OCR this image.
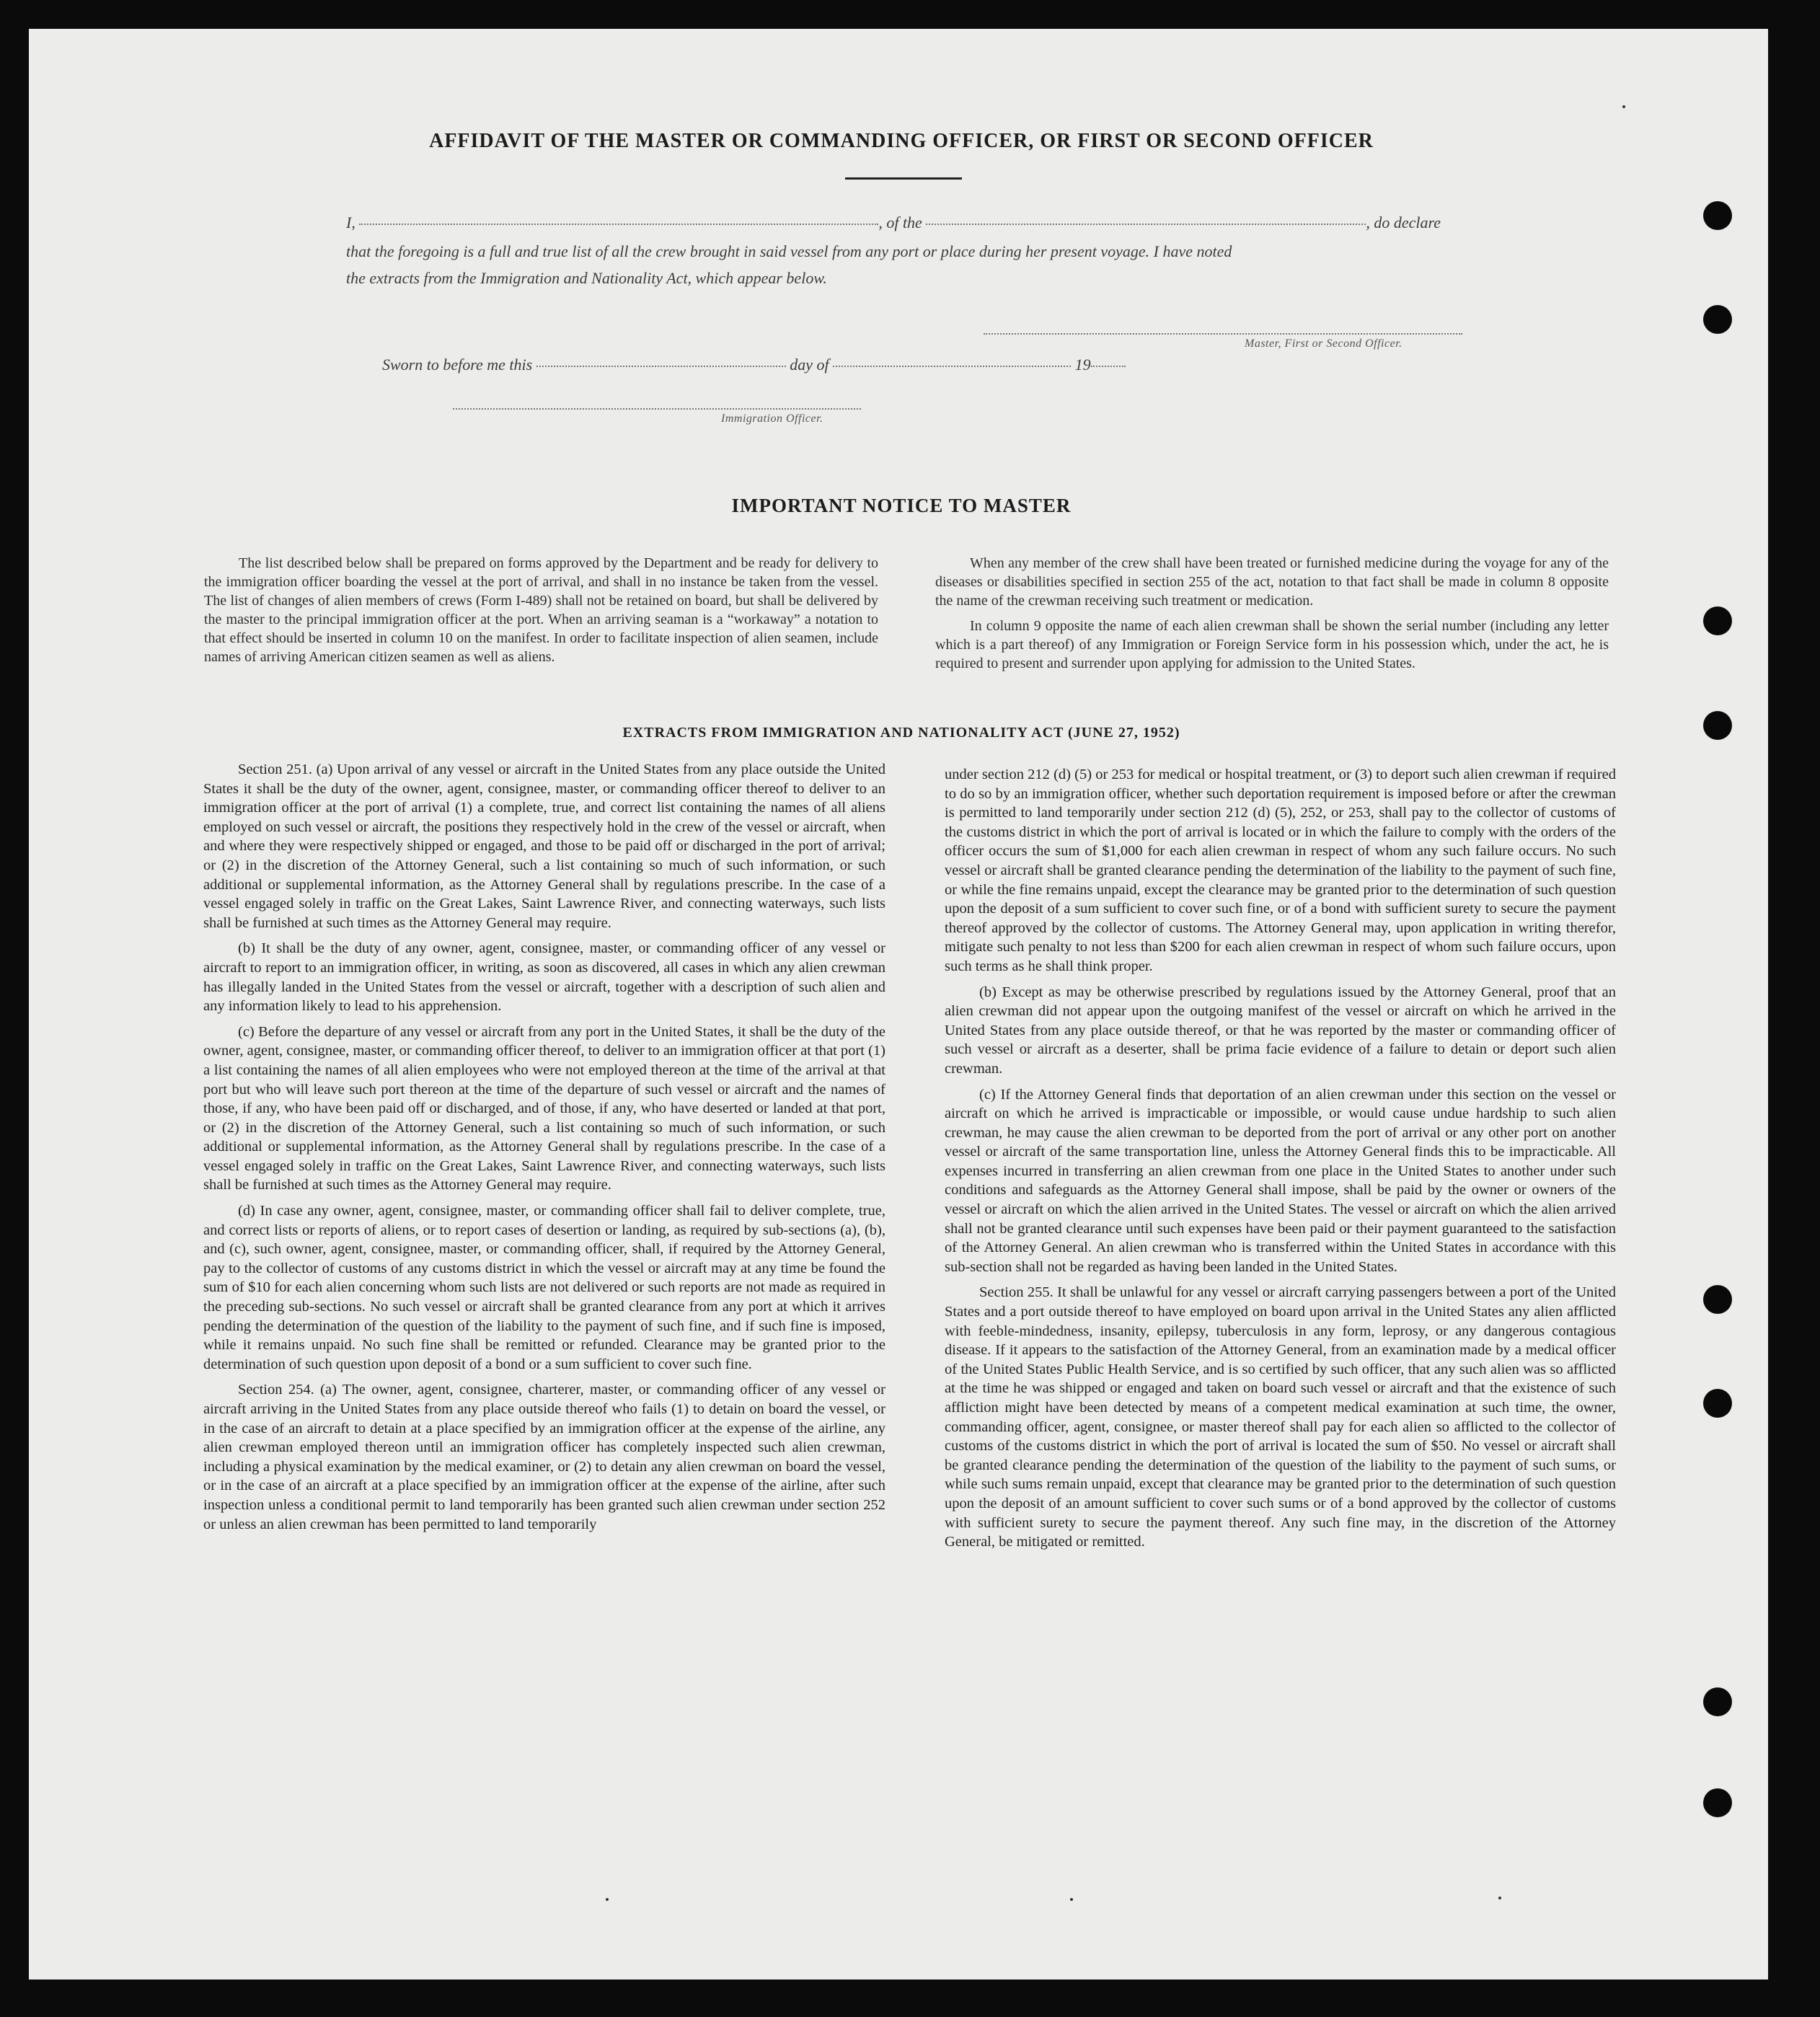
AFFIDAVIT OF THE MASTER OR COMMANDING OFFICER, OR FIRST OR SECOND OFFICER
I,	, of the	, do declare
that the foregoing is a full and true list of all the crew brought in said vessel from any port or place during her present voyage. I have noted
the extracts from the Immigration and Nationality Act, which appear below.
Master, First or Second Officer.
Sworn to before me this	day of	19
Immigration Officer.
IMPORTANT NOTICE TO MASTER

The list described below shall be prepared on forms approved by the Department and be ready for delivery to the immigration officer boarding the vessel at the port of arrival, and shall in no instance be taken from the vessel. The list of changes of alien members of crews (Form I-489) shall not be retained on board, but shall be delivered by the master to the principal immigration officer at the port. When an arriving seaman is a “workaway” a notation to that effect should be inserted in column 10 on the manifest. In order to facilitate inspection of alien seamen, include names of arriving American citizen seamen as well as aliens.

When any member of the crew shall have been treated or furnished medicine during the voyage for any of the diseases or disabilities specified in section 255 of the act, notation to that fact shall be made in column 8 opposite the name of the crewman receiving such treatment or medication.

In column 9 opposite the name of each alien crewman shall be shown the serial number (including any letter which is a part thereof) of any Immigration or Foreign Service form in his possession which, under the act, he is required to present and surrender upon applying for admission to the United States.

EXTRACTS FROM IMMIGRATION AND NATIONALITY ACT (JUNE 27, 1952)

Section 251. (a) Upon arrival of any vessel or aircraft in the United States from any place outside the United States it shall be the duty of the owner, agent, consignee, master, or commanding officer thereof to deliver to an immigration officer at the port of arrival (1) a complete, true, and correct list containing the names of all aliens employed on such vessel or aircraft, the positions they respectively hold in the crew of the vessel or aircraft, when and where they were respectively shipped or engaged, and those to be paid off or discharged in the port of arrival; or (2) in the discretion of the Attorney General, such a list containing so much of such information, or such additional or supplemental information, as the Attorney General shall by regulations prescribe. In the case of a vessel engaged solely in traffic on the Great Lakes, Saint Lawrence River, and connecting waterways, such lists shall be furnished at such times as the Attorney General may require.

(b) It shall be the duty of any owner, agent, consignee, master, or commanding officer of any vessel or aircraft to report to an immigration officer, in writing, as soon as discovered, all cases in which any alien crewman has illegally landed in the United States from the vessel or aircraft, together with a description of such alien and any information likely to lead to his apprehension.

(c) Before the departure of any vessel or aircraft from any port in the United States, it shall be the duty of the owner, agent, consignee, master, or commanding officer thereof, to deliver to an immigration officer at that port (1) a list containing the names of all alien employees who were not employed thereon at the time of the arrival at that port but who will leave such port thereon at the time of the departure of such vessel or aircraft and the names of those, if any, who have been paid off or discharged, and of those, if any, who have deserted or landed at that port, or (2) in the discretion of the Attorney General, such a list containing so much of such information, or such additional or supplemental information, as the Attorney General shall by regulations prescribe. In the case of a vessel engaged solely in traffic on the Great Lakes, Saint Lawrence River, and connecting waterways, such lists shall be furnished at such times as the Attorney General may require.

(d) In case any owner, agent, consignee, master, or commanding officer shall fail to deliver complete, true, and correct lists or reports of aliens, or to report cases of desertion or landing, as required by sub-sections (a), (b), and (c), such owner, agent, consignee, master, or commanding officer, shall, if required by the Attorney General, pay to the collector of customs of any customs district in which the vessel or aircraft may at any time be found the sum of $10 for each alien concerning whom such lists are not delivered or such reports are not made as required in the preceding sub-sections. No such vessel or aircraft shall be granted clearance from any port at which it arrives pending the determination of the question of the liability to the payment of such fine, and if such fine is imposed, while it remains unpaid. No such fine shall be remitted or refunded. Clearance may be granted prior to the determination of such question upon deposit of a bond or a sum sufficient to cover such fine.

Section 254. (a) The owner, agent, consignee, charterer, master, or commanding officer of any vessel or aircraft arriving in the United States from any place outside thereof who fails (1) to detain on board the vessel, or in the case of an aircraft to detain at a place specified by an immigration officer at the expense of the airline, any alien crewman employed thereon until an immigration officer has completely inspected such alien crewman, including a physical examination by the medical examiner, or (2) to detain any alien crewman on board the vessel, or in the case of an aircraft at a place specified by an immigration officer at the expense of the airline, after such inspection unless a conditional permit to land temporarily has been granted such alien crewman under section 252 or unless an alien crewman has been permitted to land temporarily

under section 212 (d) (5) or 253 for medical or hospital treatment, or (3) to deport such alien crewman if required to do so by an immigration officer, whether such deportation requirement is imposed before or after the crewman is permitted to land temporarily under section 212 (d) (5), 252, or 253, shall pay to the collector of customs of the customs district in which the port of arrival is located or in which the failure to comply with the orders of the officer occurs the sum of $1,000 for each alien crewman in respect of whom any such failure occurs. No such vessel or aircraft shall be granted clearance pending the determination of the liability to the payment of such fine, or while the fine remains unpaid, except the clearance may be granted prior to the determination of such question upon the deposit of a sum sufficient to cover such fine, or of a bond with sufficient surety to secure the payment thereof approved by the collector of customs. The Attorney General may, upon application in writing therefor, mitigate such penalty to not less than $200 for each alien crewman in respect of whom such failure occurs, upon such terms as he shall think proper.

(b) Except as may be otherwise prescribed by regulations issued by the Attorney General, proof that an alien crewman did not appear upon the outgoing manifest of the vessel or aircraft on which he arrived in the United States from any place outside thereof, or that he was reported by the master or commanding officer of such vessel or aircraft as a deserter, shall be prima facie evidence of a failure to detain or deport such alien crewman.

(c) If the Attorney General finds that deportation of an alien crewman under this section on the vessel or aircraft on which he arrived is impracticable or impossible, or would cause undue hardship to such alien crewman, he may cause the alien crewman to be deported from the port of arrival or any other port on another vessel or aircraft of the same transportation line, unless the Attorney General finds this to be impracticable. All expenses incurred in transferring an alien crewman from one place in the United States to another under such conditions and safeguards as the Attorney General shall impose, shall be paid by the owner or owners of the vessel or aircraft on which the alien arrived in the United States. The vessel or aircraft on which the alien arrived shall not be granted clearance until such expenses have been paid or their payment guaranteed to the satisfaction of the Attorney General. An alien crewman who is transferred within the United States in accordance with this sub-section shall not be regarded as having been landed in the United States.

Section 255. It shall be unlawful for any vessel or aircraft carrying passengers between a port of the United States and a port outside thereof to have employed on board upon arrival in the United States any alien afflicted with feeble-mindedness, insanity, epilepsy, tuberculosis in any form, leprosy, or any dangerous contagious disease. If it appears to the satisfaction of the Attorney General, from an examination made by a medical officer of the United States Public Health Service, and is so certified by such officer, that any such alien was so afflicted at the time he was shipped or engaged and taken on board such vessel or aircraft and that the existence of such affliction might have been detected by means of a competent medical examination at such time, the owner, commanding officer, agent, consignee, or master thereof shall pay for each alien so afflicted to the collector of customs of the customs district in which the port of arrival is located the sum of $50. No vessel or aircraft shall be granted clearance pending the determination of the question of the liability to the payment of such sums, or while such sums remain unpaid, except that clearance may be granted prior to the determination of such question upon the deposit of an amount sufficient to cover such sums or of a bond approved by the collector of customs with sufficient surety to secure the payment thereof. Any such fine may, in the discretion of the Attorney General, be mitigated or remitted.
